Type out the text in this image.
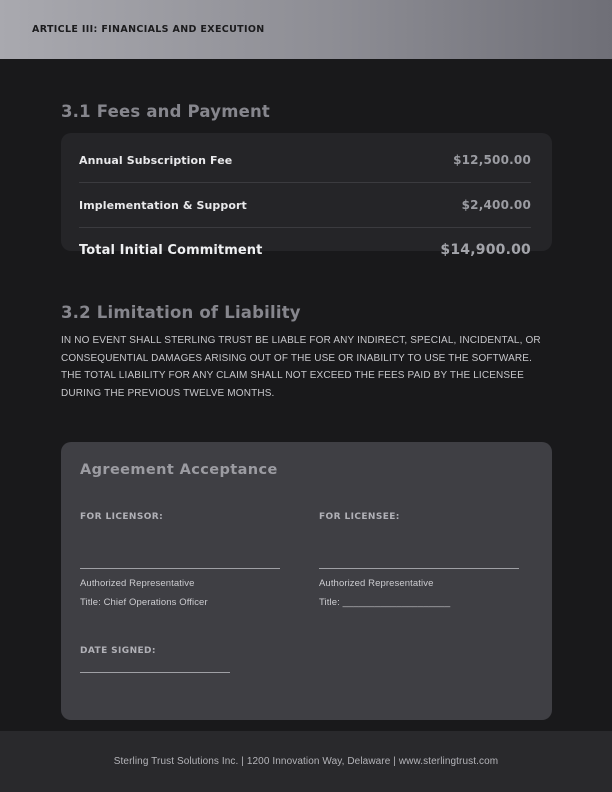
ARTICLE III: FINANCIALS AND EXECUTION
3.1 Fees and Payment
Annual Subscription Fee	$12,500.00
Implementation & Support	$2,400.00
Total Initial Commitment	$14,900.00
3.2 Limitation of Liability

IN NO EVENT SHALL STERLING TRUST BE LIABLE FOR ANY INDIRECT, SPECIAL, INCIDENTAL, OR CONSEQUENTIAL DAMAGES ARISING OUT OF THE USE OR INABILITY TO USE THE SOFTWARE. THE TOTAL LIABILITY FOR ANY CLAIM SHALL NOT EXCEED THE FEES PAID BY THE LICENSEE DURING THE PREVIOUS TWELVE MONTHS.

Agreement Acceptance
FOR LICENSOR:
Authorized Representative
Title: Chief Operations Officer
FOR LICENSEE:
Authorized Representative
Title: ____________________
DATE SIGNED:
Sterling Trust Solutions Inc. | 1200 Innovation Way, Delaware | www.sterlingtrust.com
